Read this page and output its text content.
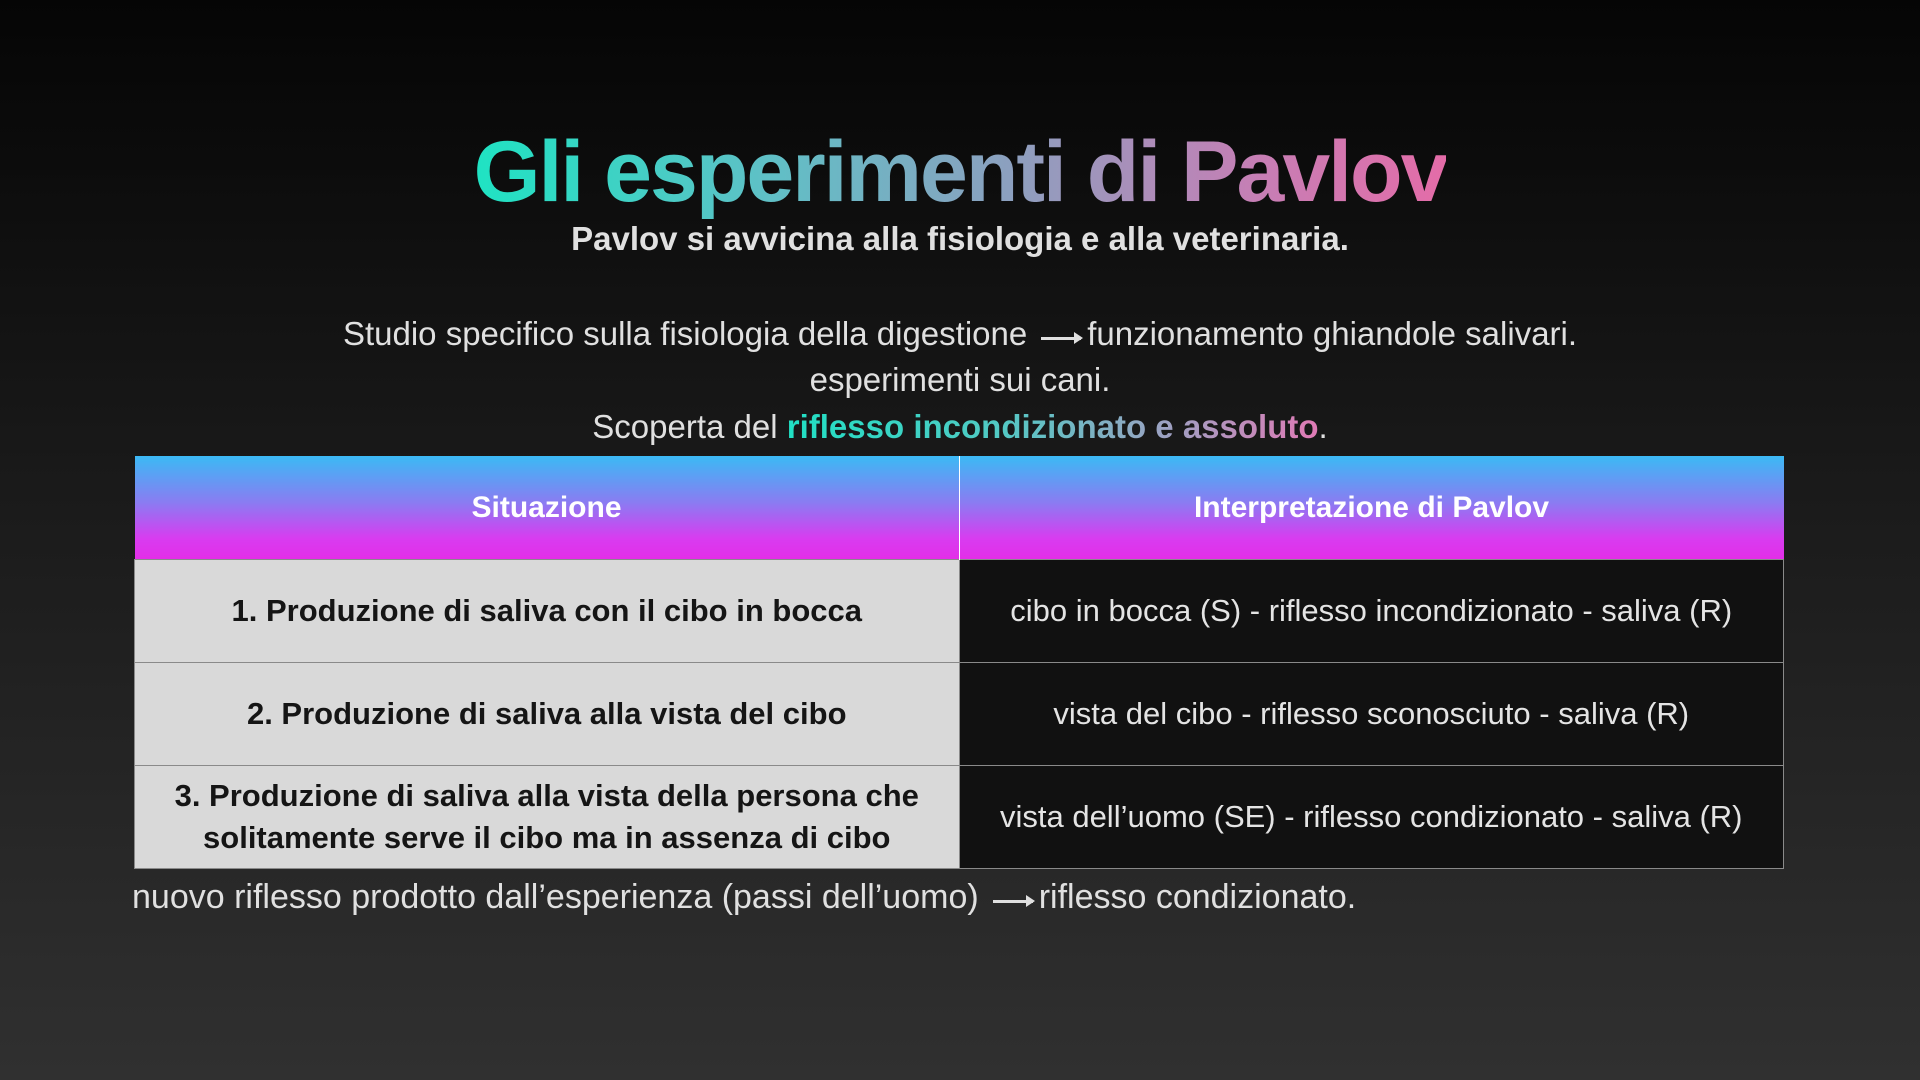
Gli esperimenti di Pavlov
Pavlov si avvicina alla fisiologia e alla veterinaria.
Studio specifico sulla fisiologia della digestione funzionamento ghiandole salivari.
esperimenti sui cani.
Scoperta del riflesso incondizionato e assoluto.
Situazione	Interpretazione di Pavlov
1. Produzione di saliva con il cibo in bocca	cibo in bocca (S) - riflesso incondizionato - saliva (R)
2. Produzione di saliva alla vista del cibo	vista del cibo - riflesso sconosciuto - saliva (R)
3. Produzione di saliva alla vista della persona che solitamente serve il cibo ma in assenza di cibo	vista dell’uomo (SE) - riflesso condizionato - saliva (R)
nuovo riflesso prodotto dall’esperienza (passi dell’uomo) riflesso condizionato.
